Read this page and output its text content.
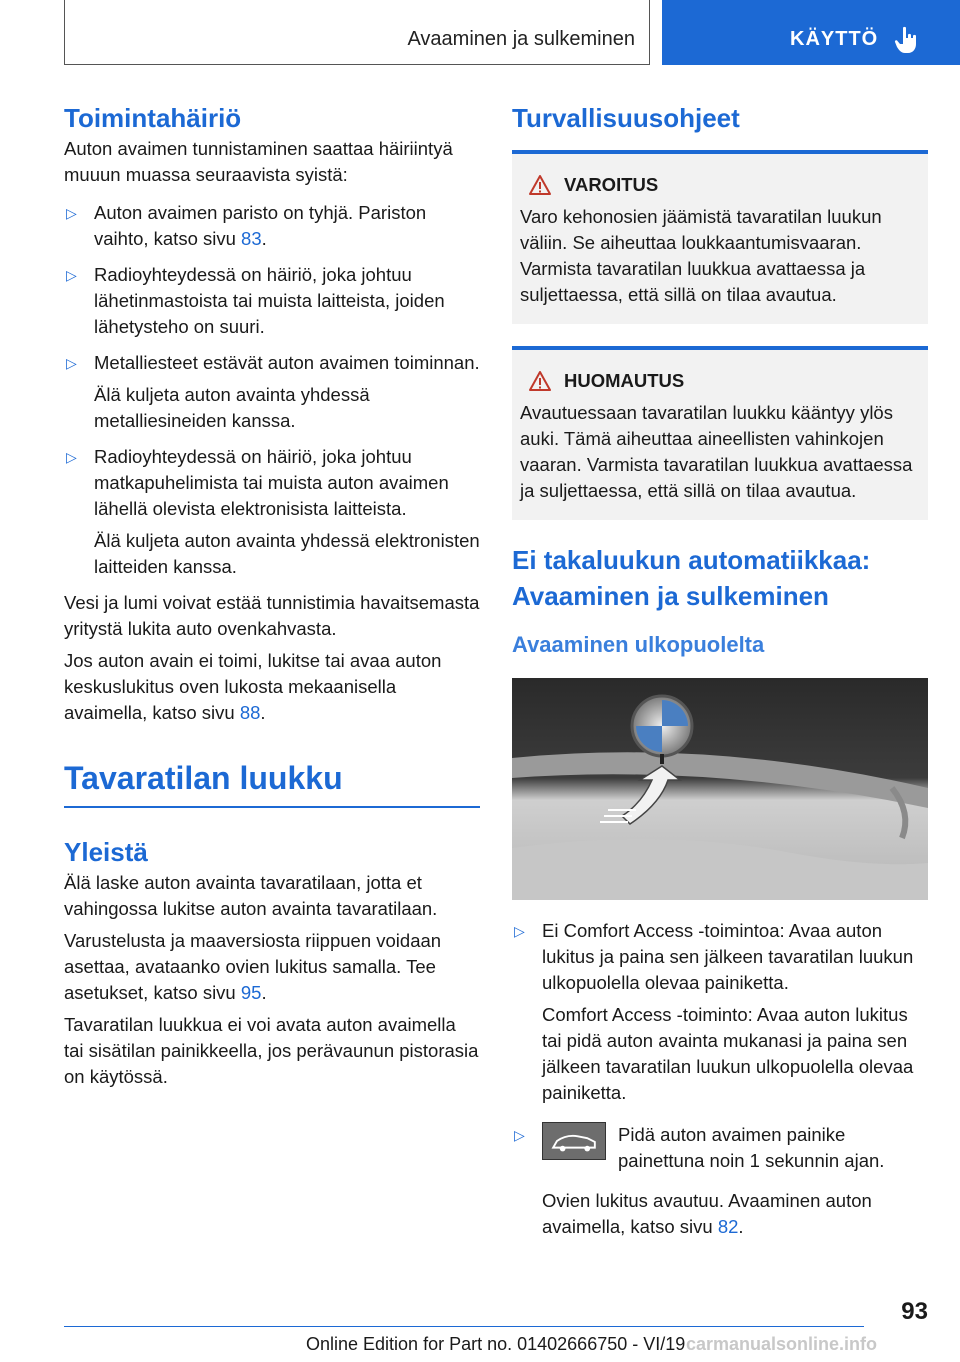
Avaaminen ja sulkeminen	KÄYTTÖ
Toimintahäiriö

Auton avaimen tunnistaminen saattaa häiriintyä muuun muassa seuraavista syistä:

▷ Auton avaimen paristo on tyhjä. Pariston vaihto, katso sivu 83.

▷ Radioyhteydessä on häiriö, joka johtuu lähetinmastoista tai muista laitteista, joiden lähetysteho on suuri.

▷ Metalliesteet estävät auton avaimen toiminnan.

Älä kuljeta auton avainta yhdessä metalliesineiden kanssa.

▷ Radioyhteydessä on häiriö, joka johtuu matkapuhelimista tai muista auton avaimen lähellä olevista elektronisista laitteista.

Älä kuljeta auton avainta yhdessä elektronisten laitteiden kanssa.

Vesi ja lumi voivat estää tunnistimia havaitsemasta yritystä lukita auto ovenkahvasta.

Jos auton avain ei toimi, lukitse tai avaa auton keskuslukitus oven lukosta mekaanisella avaimella, katso sivu 88.

Tavaratilan luukku
Yleistä

Älä laske auton avainta tavaratilaan, jotta et vahingossa lukitse auton avainta tavaratilaan.

Varustelusta ja maaversiosta riippuen voidaan asettaa, avataanko ovien lukitus samalla. Tee asetukset, katso sivu 95.

Tavaratilan luukkua ei voi avata auton avaimella tai sisätilan painikkeella, jos perävaunun pistorasia on käytössä.

Turvallisuusohjeet
VAROITUS

Varo kehonosien jäämistä tavaratilan luukun väliin. Se aiheuttaa loukkaantumisvaaran. Varmista tavaratilan luukkua avattaessa ja suljettaessa, että sillä on tilaa avautua.

HUOMAUTUS

Avautuessaan tavaratilan luukku kääntyy ylös auki. Tämä aiheuttaa aineellisten vahinkojen vaaran. Varmista tavaratilan luukkua avattaessa ja suljettaessa, että sillä on tilaa avautua.

Ei takaluukun automatiikkaa: Avaaminen ja sulkeminen
Avaaminen ulkopuolelta
▷ Ei Comfort Access -toimintoa: Avaa auton lukitus ja paina sen jälkeen tavaratilan luukun ulkopuolella olevaa painiketta.

Comfort Access -toiminto: Avaa auton lukitus tai pidä auton avainta mukanasi ja paina sen jälkeen tavaratilan luukun ulkopuolella olevaa painiketta.

▷	Pidä auton avaimen painike painettuna noin 1 sekunnin ajan.

Ovien lukitus avautuu. Avaaminen auton avaimella, katso sivu 82.

93
Online Edition for Part no. 01402666750 - VI/19 carmanualsonline.info
